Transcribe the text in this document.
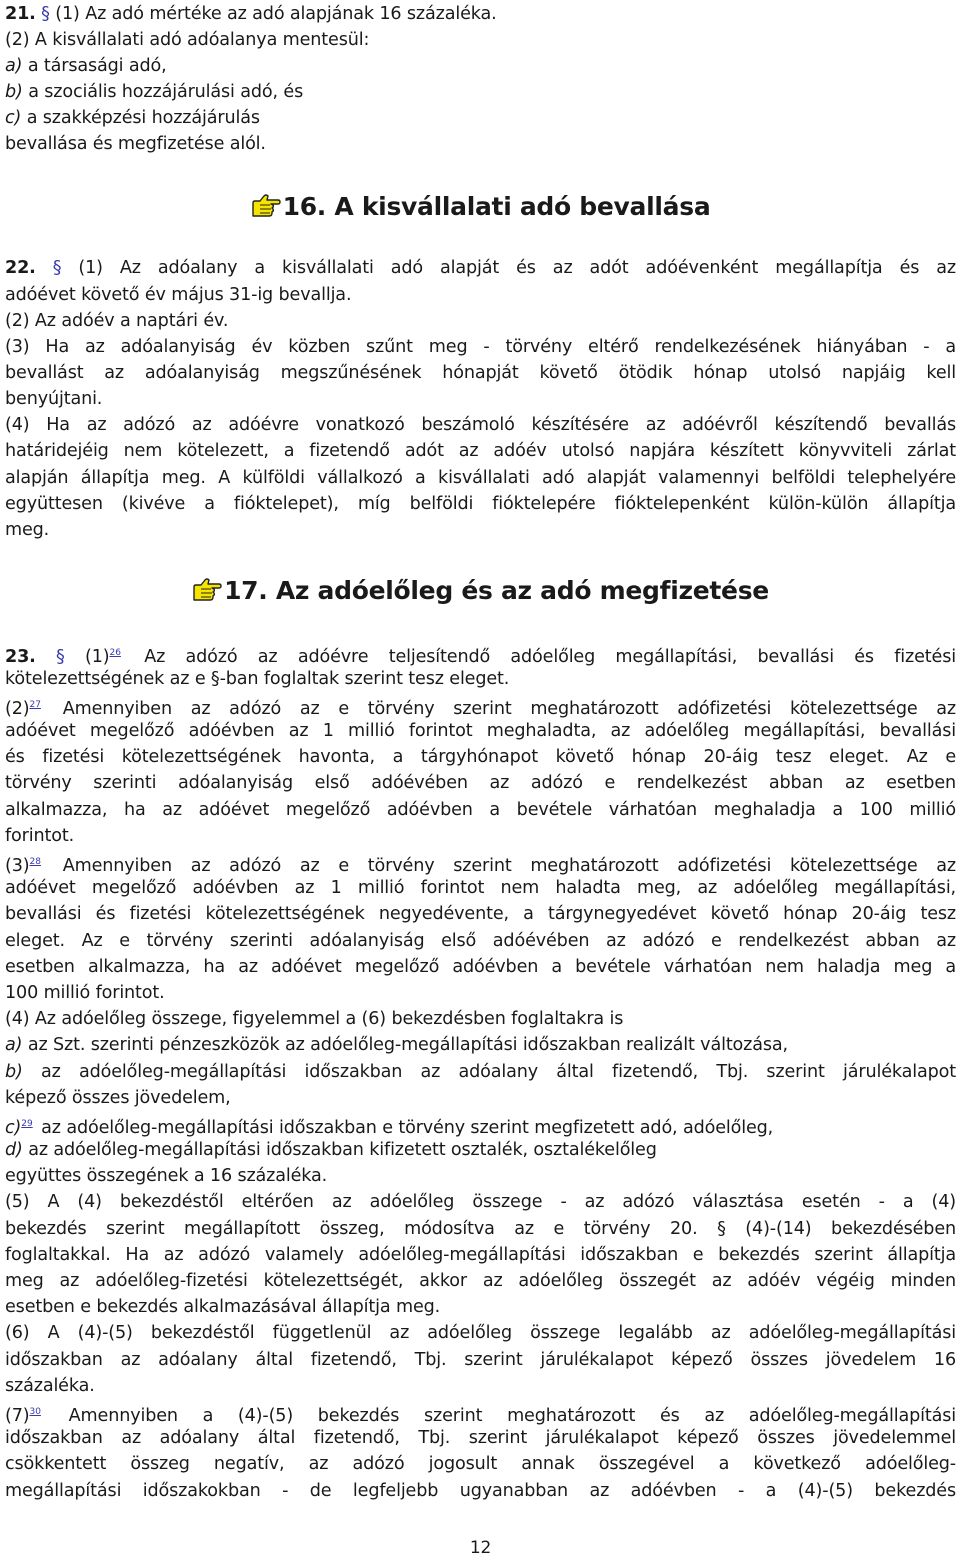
21. § (1) Az adó mértéke az adó alapjának 16 százaléka.
(2) A kisvállalati adó adóalanya mentesül:
a) a társasági adó,
b) a szociális hozzájárulási adó, és
c) a szakképzési hozzájárulás
bevallása és megfizetése alól.
16. A kisvállalati adó bevallása
22. § (1) Az adóalany a kisvállalati adó alapját és az adót adóévenként megállapítja és az
adóévet követő év május 31-ig bevallja.
(2) Az adóév a naptári év.
(3) Ha az adóalanyiság év közben szűnt meg - törvény eltérő rendelkezésének hiányában - a
bevallást az adóalanyiság megszűnésének hónapját követő ötödik hónap utolsó napjáig kell
benyújtani.
(4) Ha az adózó az adóévre vonatkozó beszámoló készítésére az adóévről készítendő bevallás
határidejéig nem kötelezett, a fizetendő adót az adóév utolsó napjára készített könyvviteli zárlat
alapján állapítja meg. A külföldi vállalkozó a kisvállalati adó alapját valamennyi belföldi telephelyére
együttesen (kivéve a fióktelepet), míg belföldi fióktelepére fióktelepenként külön-külön állapítja
meg.
17. Az adóelőleg és az adó megfizetése
23. § (1)$^{26}$ Az adózó az adóévre teljesítendő adóelőleg megállapítási, bevallási és fizetési
kötelezettségének az e §-ban foglaltak szerint tesz eleget.
(2)$^{27}$ Amennyiben az adózó az e törvény szerint meghatározott adófizetési kötelezettsége az
adóévet megelőző adóévben az 1 millió forintot meghaladta, az adóelőleg megállapítási, bevallási
és fizetési kötelezettségének havonta, a tárgyhónapot követő hónap 20-áig tesz eleget. Az e
törvény szerinti adóalanyiság első adóévében az adózó e rendelkezést abban az esetben
alkalmazza, ha az adóévet megelőző adóévben a bevétele várhatóan meghaladja a 100 millió
forintot.
(3)$^{28}$ Amennyiben az adózó az e törvény szerint meghatározott adófizetési kötelezettsége az
adóévet megelőző adóévben az 1 millió forintot nem haladta meg, az adóelőleg megállapítási,
bevallási és fizetési kötelezettségének negyedévente, a tárgynegyedévet követő hónap 20-áig tesz
eleget. Az e törvény szerinti adóalanyiság első adóévében az adózó e rendelkezést abban az
esetben alkalmazza, ha az adóévet megelőző adóévben a bevétele várhatóan nem haladja meg a
100 millió forintot.
(4) Az adóelőleg összege, figyelemmel a (6) bekezdésben foglaltakra is
a) az Szt. szerinti pénzeszközök az adóelőleg-megállapítási időszakban realizált változása,
b) az adóelőleg-megállapítási időszakban az adóalany által fizetendő, Tbj. szerint járulékalapot
képező összes jövedelem,
c)$^{29}$ az adóelőleg-megállapítási időszakban e törvény szerint megfizetett adó, adóelőleg,
d) az adóelőleg-megállapítási időszakban kifizetett osztalék, osztalékelőleg
együttes összegének a 16 százaléka.
(5) A (4) bekezdéstől eltérően az adóelőleg összege - az adózó választása esetén - a (4)
bekezdés szerint megállapított összeg, módosítva az e törvény 20. § (4)-(14) bekezdésében
foglaltakkal. Ha az adózó valamely adóelőleg-megállapítási időszakban e bekezdés szerint állapítja
meg az adóelőleg-fizetési kötelezettségét, akkor az adóelőleg összegét az adóév végéig minden
esetben e bekezdés alkalmazásával állapítja meg.
(6) A (4)-(5) bekezdéstől függetlenül az adóelőleg összege legalább az adóelőleg-megállapítási
időszakban az adóalany által fizetendő, Tbj. szerint járulékalapot képező összes jövedelem 16
százaléka.
(7)$^{30}$ Amennyiben a (4)-(5) bekezdés szerint meghatározott és az adóelőleg-megállapítási
időszakban az adóalany által fizetendő, Tbj. szerint járulékalapot képező összes jövedelemmel
csökkentett összeg negatív, az adózó jogosult annak összegével a következő adóelőleg-
megállapítási időszakokban - de legfeljebb ugyanabban az adóévben - a (4)-(5) bekezdés
12
